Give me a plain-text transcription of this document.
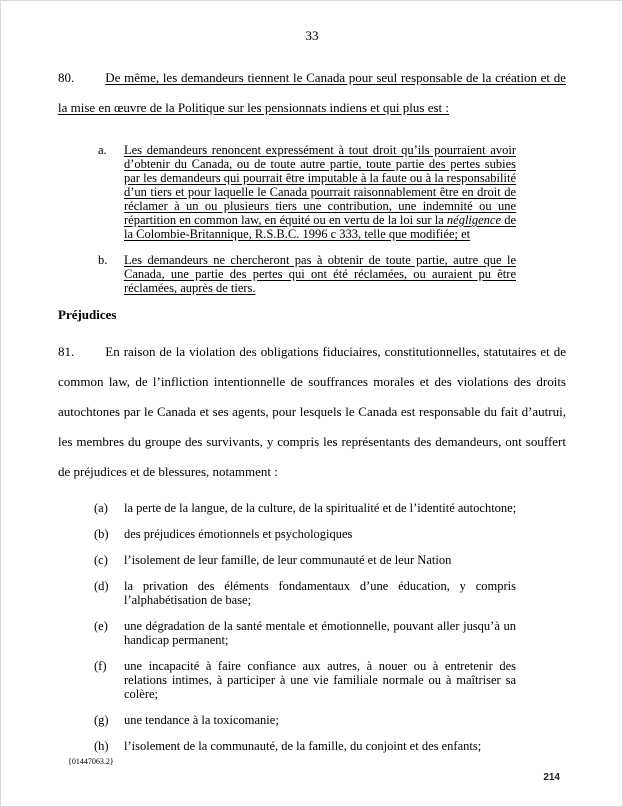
33

80. De même, les demandeurs tiennent le Canada pour seul responsable de la création et de la mise en œuvre de la Politique sur les pensionnats indiens et qui plus est :

a. Les demandeurs renoncent expressément à tout droit qu’ils pourraient avoir d’obtenir du Canada, ou de toute autre partie, toute partie des pertes subies par les demandeurs qui pourrait être imputable à la faute ou à la responsabilité d’un tiers et pour laquelle le Canada pourrait raisonnablement être en droit de réclamer à un ou plusieurs tiers une contribution, une indemnité ou une répartition en common law, en équité ou en vertu de la loi sur la négligence de la Colombie-Britannique, R.S.B.C. 1996 c 333, telle que modifiée; et
b. Les demandeurs ne chercheront pas à obtenir de toute partie, autre que le Canada, une partie des pertes qui ont été réclamées, ou auraient pu être réclamées, auprès de tiers.

Préjudices

81. En raison de la violation des obligations fiduciaires, constitutionnelles, statutaires et de common law, de l’infliction intentionnelle de souffrances morales et des violations des droits autochtones par le Canada et ses agents, pour lesquels le Canada est responsable du fait d’autrui, les membres du groupe des survivants, y compris les représentants des demandeurs, ont souffert de préjudices et de blessures, notamment :

(a) la perte de la langue, de la culture, de la spiritualité et de l’identité autochtone;
(b) des préjudices émotionnels et psychologiques
(c) l’isolement de leur famille, de leur communauté et de leur Nation
(d) la privation des éléments fondamentaux d’une éducation, y compris l’alphabétisation de base;
(e) une dégradation de la santé mentale et émotionnelle, pouvant aller jusqu’à un handicap permanent;
(f) une incapacité à faire confiance aux autres, à nouer ou à entretenir des relations intimes, à participer à une vie familiale normale ou à maîtriser sa colère;
(g) une tendance à la toxicomanie;
(h) l’isolement de la communauté, de la famille, du conjoint et des enfants;

{01447063.2}

214
